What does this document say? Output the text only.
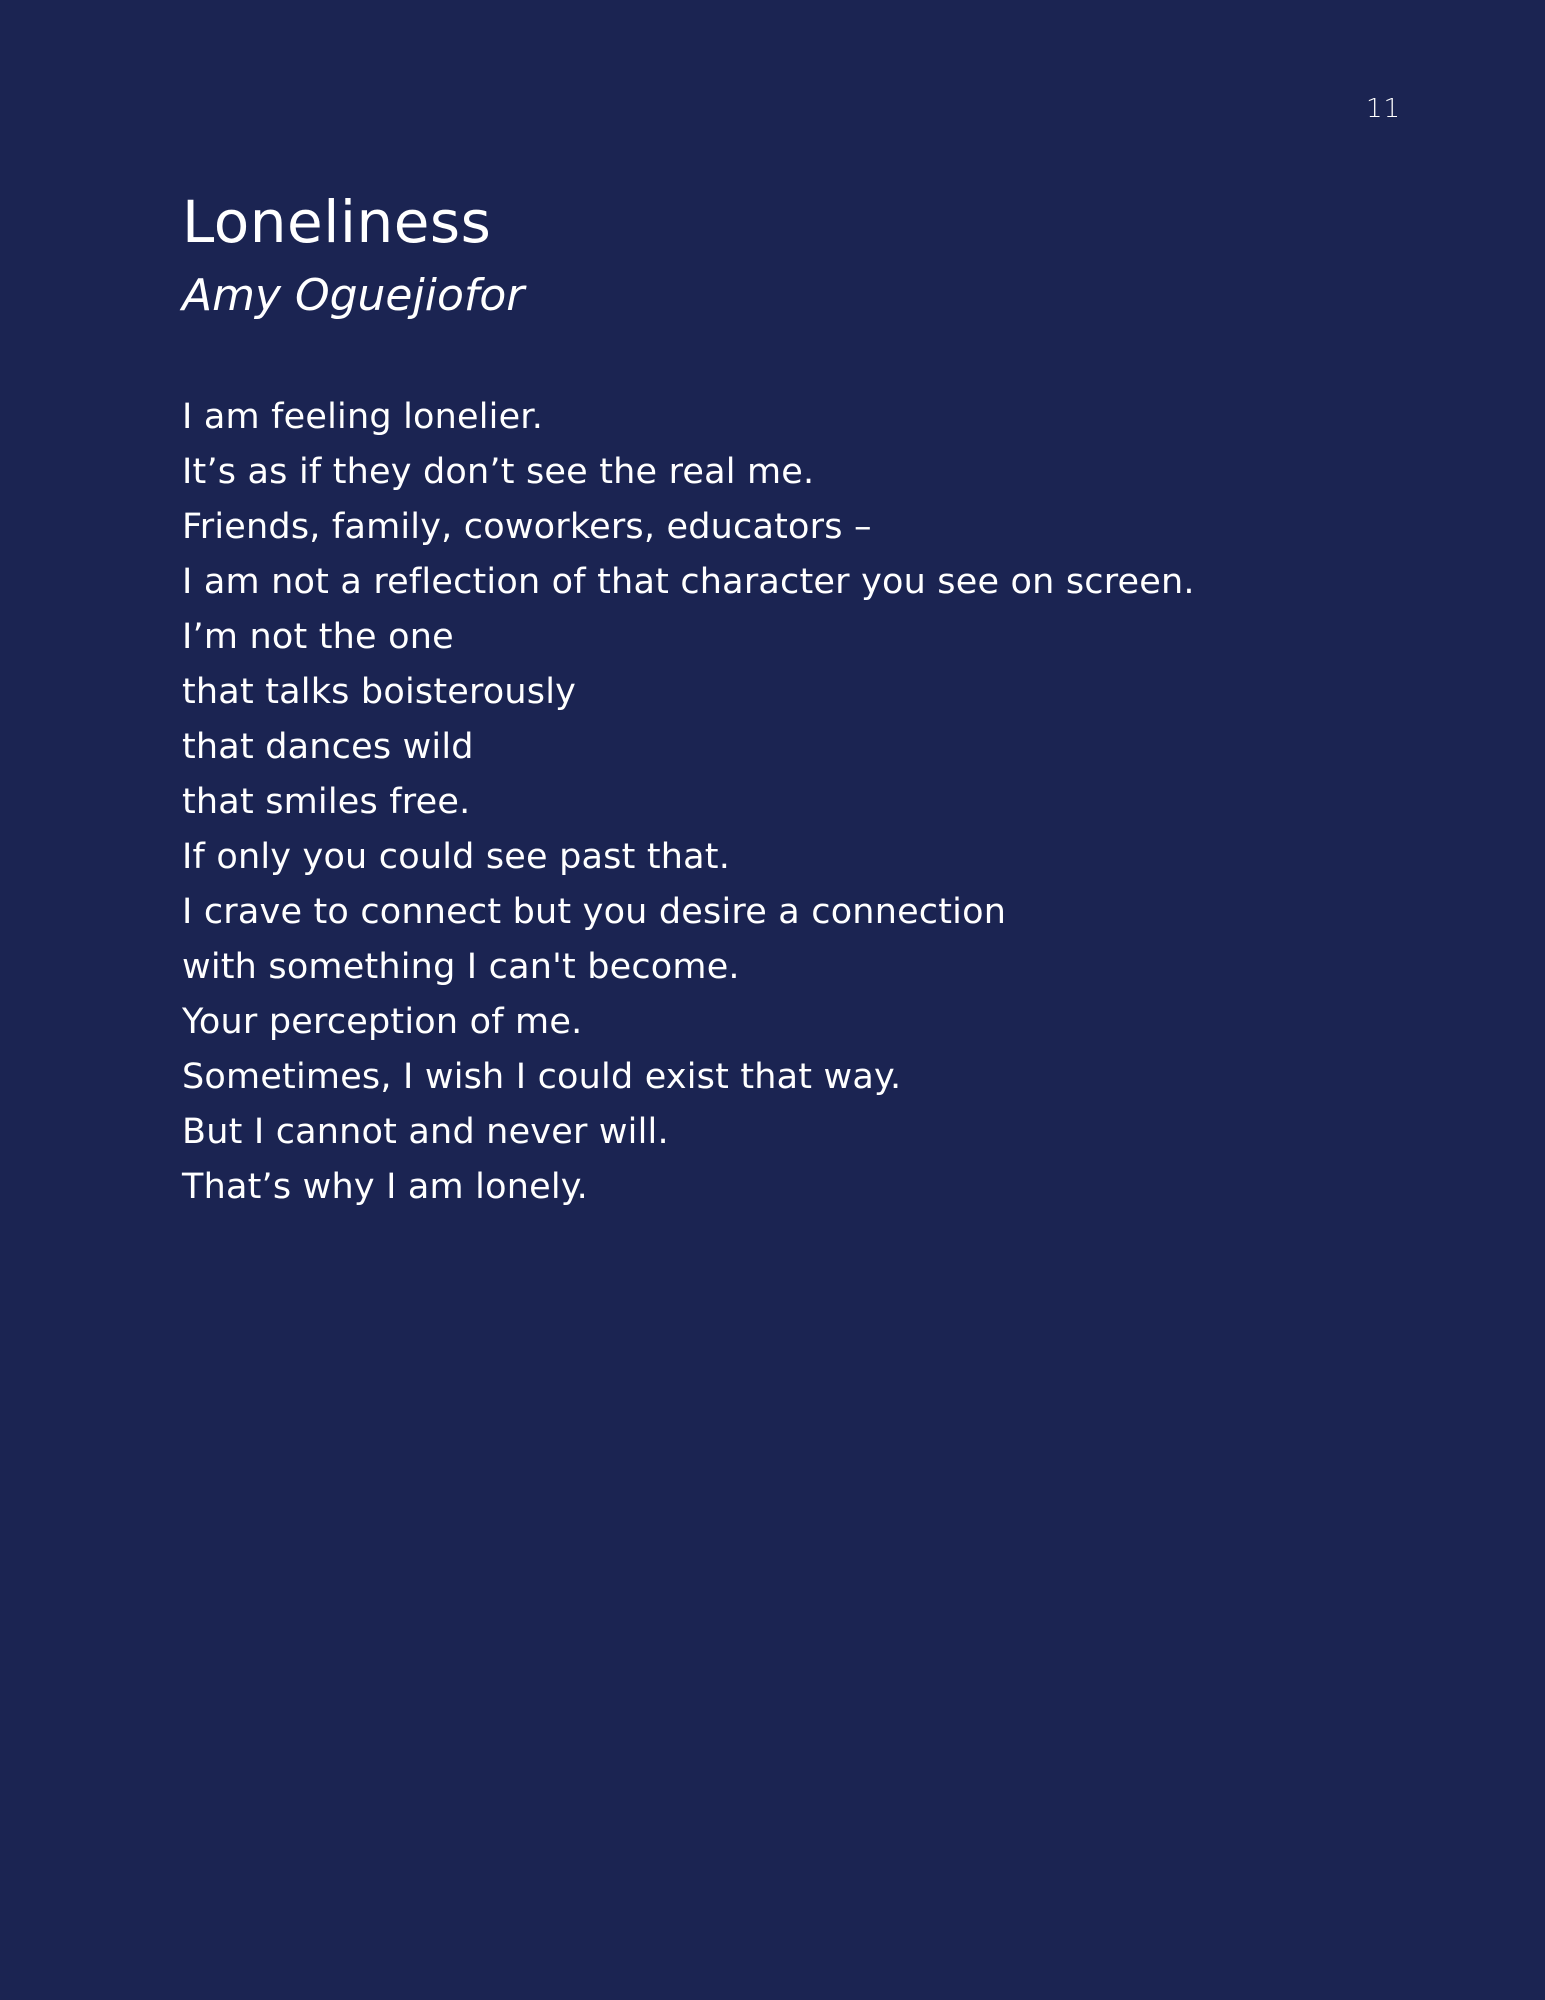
11
Loneliness
Amy Oguejiofor
I am feeling lonelier.
It’s as if they don’t see the real me.
Friends, family, coworkers, educators –
I am not a reflection of that character you see on screen.
I’m not the one
that talks boisterously
that dances wild
that smiles free.
If only you could see past that.
I crave to connect but you desire a connection
with something I can't become.
Your perception of me.
Sometimes, I wish I could exist that way.
But I cannot and never will.
That’s why I am lonely.
